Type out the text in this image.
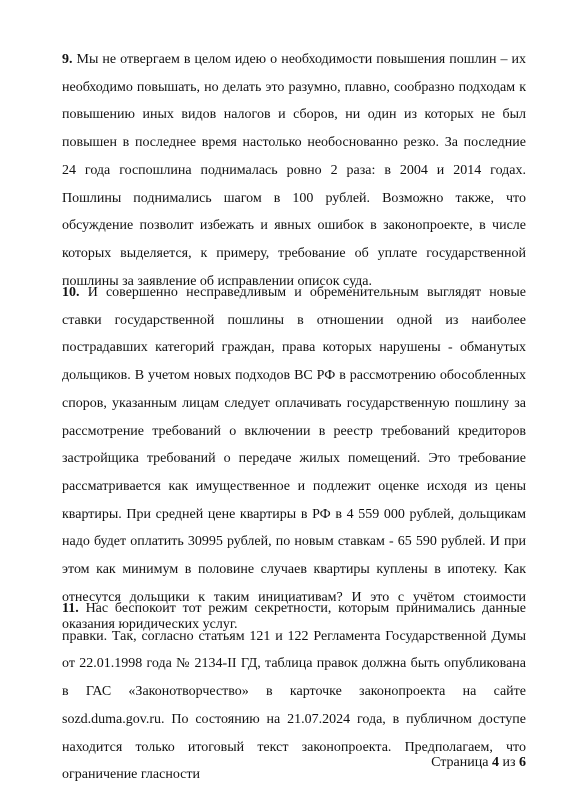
9. Мы не отвергаем в целом идею о необходимости повышения пошлин – их необходимо повышать, но делать это разумно, плавно, сообразно подходам к повышению иных видов налогов и сборов, ни один из которых не был повышен в последнее время настолько необоснованно резко. За последние 24 года госпошлина поднималась ровно 2 раза: в 2004 и 2014 годах. Пошлины поднимались шагом в 100 рублей. Возможно также, что обсуждение позволит избежать и явных ошибок в законопроекте, в числе которых выделяется, к примеру, требование об уплате государственной пошлины за заявление об исправлении описок суда.

10. И совершенно несправедливым и обременительным выглядят новые ставки государственной пошлины в отношении одной из наиболее пострадавших категорий граждан, права которых нарушены - обманутых дольщиков. В учетом новых подходов ВС РФ в рассмотрению обособленных споров, указанным лицам следует оплачивать государственную пошлину за рассмотрение требований о включении в реестр требований кредиторов застройщика требований о передаче жилых помещений. Это требование рассматривается как имущественное и подлежит оценке исходя из цены квартиры. При средней цене квартиры в РФ в 4 559 000 рублей, дольщикам надо будет оплатить 30995 рублей, по новым ставкам - 65 590 рублей. И при этом как минимум в половине случаев квартиры куплены в ипотеку. Как отнесутся дольщики к таким инициативам? И это с учётом стоимости оказания юридических услуг.

11. Нас беспокоит тот режим секретности, которым принимались данные правки. Так, согласно статьям 121 и 122 Регламента Государственной Думы от 22.01.1998 года № 2134-II ГД, таблица правок должна быть опубликована в ГАС «Законотворчество» в карточке законопроекта на сайте sozd.duma.gov.ru. По состоянию на 21.07.2024 года, в публичном доступе находится только итоговый текст законопроекта. Предполагаем, что ограничение гласности

Страница 4 из 6
